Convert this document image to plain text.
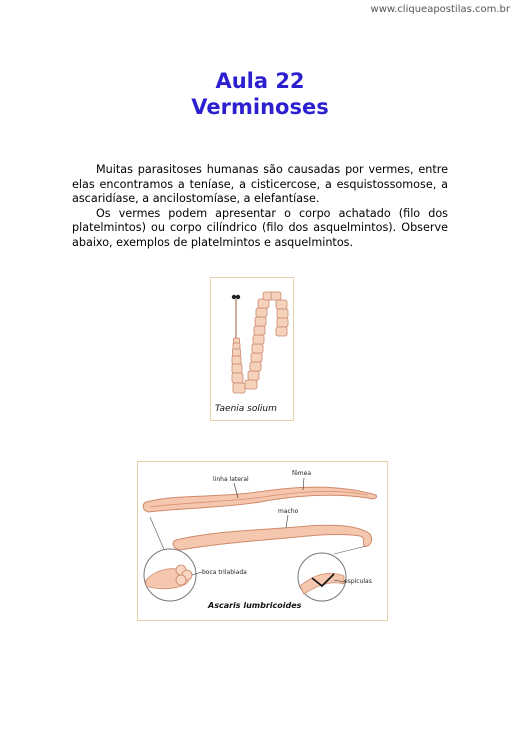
www.cliqueapostilas.com.br
Aula 22
Verminoses

Muitas parasitoses humanas são causadas por vermes, entre elas encontramos a teníase, a cisticercose, a esquistossomose, a ascaridíase, a ancilostomíase, a elefantíase.

Os vermes podem apresentar o corpo achatado (filo dos platelmintos) ou corpo cilíndrico (filo dos asquelmintos). Observe abaixo, exemplos de platelmintos e asquelmintos.

Taenia solium
linha lateral
fêmea
macho
boca trilabiada
espículas
Ascaris lumbricoides
